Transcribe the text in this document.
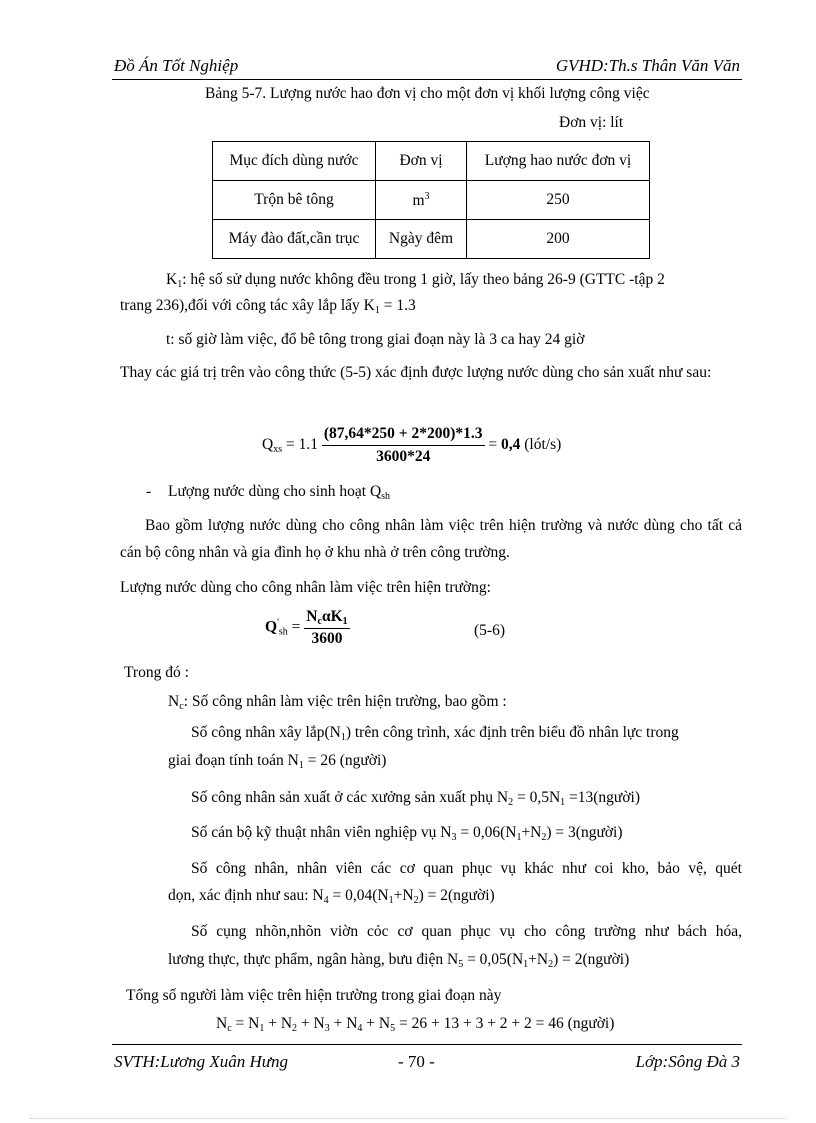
Đồ Án Tốt Nghiệp	GVHD:Th.s Thân Văn Văn
Bảng 5-7. Lượng nước hao đơn vị cho một đơn vị khối lượng công việc
Đơn vị: lít
Mục đích dùng nước	Đơn vị	Lượng hao nước đơn vị
Trộn bê tông	$m^3$	250
Máy đào đất,cần trục	Ngày đêm	200
$K_1$: hệ số sử dụng nước không đều trong 1 giờ, lấy theo bảng 26-9 (GTTC -tập 2
trang 236),đối với công tác xây lắp lấy $K_1 = 1.3$
t: số giờ làm việc, đổ bê tông trong giai đoạn này là 3 ca hay 24 giờ
Thay các giá trị trên vào công thức (5-5) xác định được lượng nước dùng cho sản xuất như sau:
$Q_{xs} = 1.1 \frac{(87,64*250 + 2*200)*1.3}{3600*24} = 0,4$ (lót/s)
- Lượng nước dùng cho sinh hoạt $Q_{sh}$
Bao gồm lượng nước dùng cho công nhân làm việc trên hiện trường và nước dùng cho tất cả cán bộ công nhân và gia đình họ ở khu nhà ở trên công trường.
Lượng nước dùng cho công nhân làm việc trên hiện trường:
$Q'_{sh} = \frac{N_c\alpha K_1}{3600}$	(5-6)
Trong đó :
$N_c$: Số công nhân làm việc trên hiện trường, bao gồm :
Số công nhân xây $lắp(N_1)$ trên công trình, xác định trên biểu đồ nhân lực trong
giai đoạn tính toán $N_1 = 26$ (người)
Số công nhân sản xuất ở các xưởng sản xuất phụ $N_2 = 0,5N_1$ =13(người)
Số cán bộ kỹ thuật nhân viên nghiệp vụ $N_3 = 0,06(N_1+N_2)$ = 3(người)
Số công nhân, nhân viên các cơ quan phục vụ khác như coi kho, bảo vệ, quét
dọn, xác định như sau: $N_4 = 0,04(N_1+N_2)$ = 2(người)
Số cụng nhõn,nhõn viờn cỏc cơ quan phục vụ cho công trường như bách hóa,
lương thực, thực phẩm, ngân hàng, bưu điện $N_5 = 0,05(N_1+N_2)$ = 2(người)
Tổng số người làm việc trên hiện trường trong giai đoạn này
$N_c = N_1 + N_2 + N_3 + N_4 + N_5 = 26 + 13 + 3 + 2 + 2 = 46$ (người)
SVTH:Lương Xuân Hưng	- 70 -	Lớp:Sông Đà 3
